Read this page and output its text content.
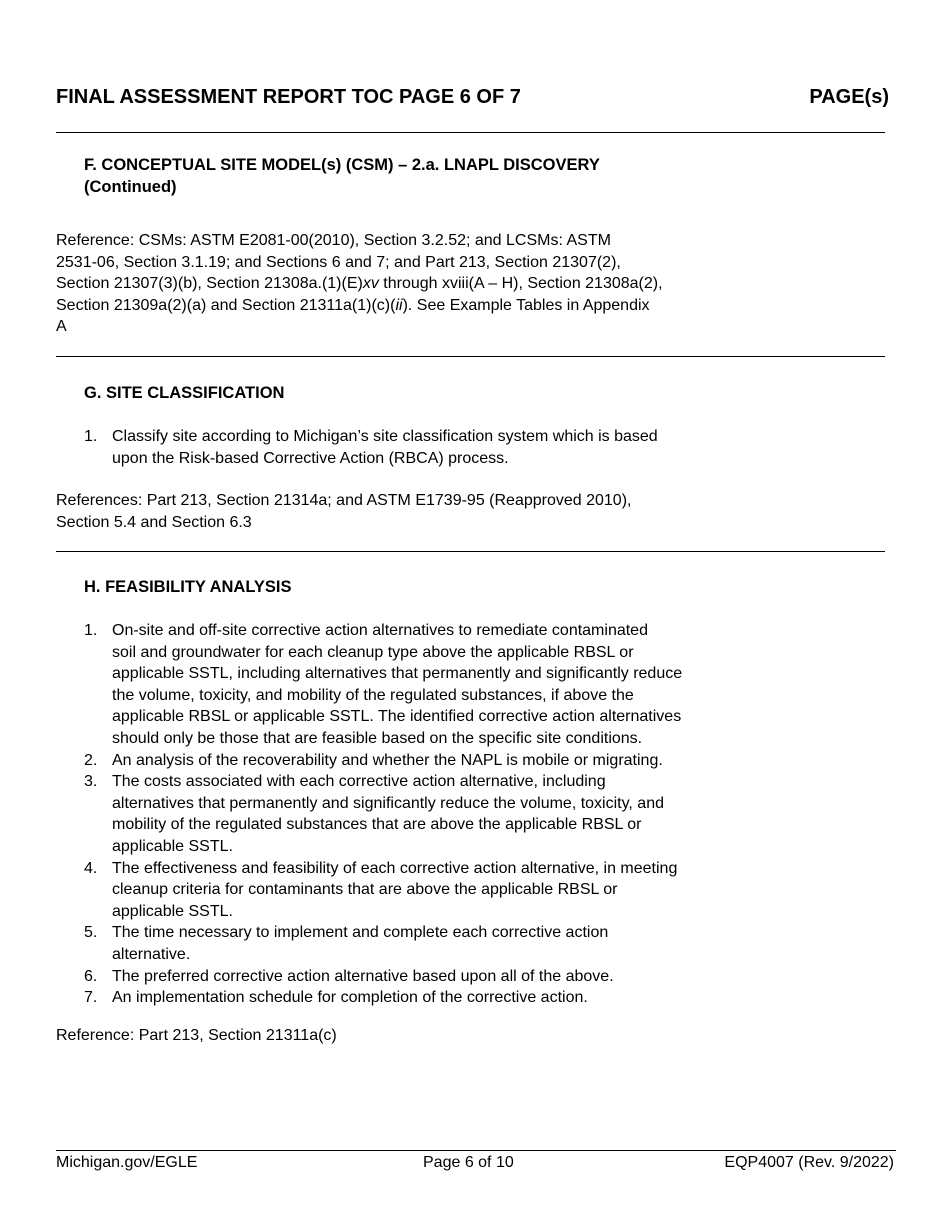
FINAL ASSESSMENT REPORT TOC PAGE 6 OF 7	PAGE(s)
F. CONCEPTUAL SITE MODEL(s) (CSM) – 2.a. LNAPL DISCOVERY
(Continued)
Reference: CSMs: ASTM E2081-00(2010), Section 3.2.52; and LCSMs: ASTM
2531-06, Section 3.1.19; and Sections 6 and 7; and Part 213, Section 21307(2),
Section 21307(3)(b), Section 21308a.(1)(E)xv through xviii(A – H), Section 21308a(2),
Section 21309a(2)(a) and Section 21311a(1)(c)(ii). See Example Tables in Appendix
A
G. SITE CLASSIFICATION
1. Classify site according to Michigan’s site classification system which is based
upon the Risk-based Corrective Action (RBCA) process.
References: Part 213, Section 21314a; and ASTM E1739-95 (Reapproved 2010),
Section 5.4 and Section 6.3
H. FEASIBILITY ANALYSIS
1. On-site and off-site corrective action alternatives to remediate contaminated
soil and groundwater for each cleanup type above the applicable RBSL or
applicable SSTL, including alternatives that permanently and significantly reduce
the volume, toxicity, and mobility of the regulated substances, if above the
applicable RBSL or applicable SSTL. The identified corrective action alternatives
should only be those that are feasible based on the specific site conditions.
2. An analysis of the recoverability and whether the NAPL is mobile or migrating.
3. The costs associated with each corrective action alternative, including
alternatives that permanently and significantly reduce the volume, toxicity, and
mobility of the regulated substances that are above the applicable RBSL or
applicable SSTL.
4. The effectiveness and feasibility of each corrective action alternative, in meeting
cleanup criteria for contaminants that are above the applicable RBSL or
applicable SSTL.
5. The time necessary to implement and complete each corrective action
alternative.
6. The preferred corrective action alternative based upon all of the above.
7. An implementation schedule for completion of the corrective action.
Reference: Part 213, Section 21311a(c)
Michigan.gov/EGLE	Page 6 of 10	EQP4007 (Rev. 9/2022)
